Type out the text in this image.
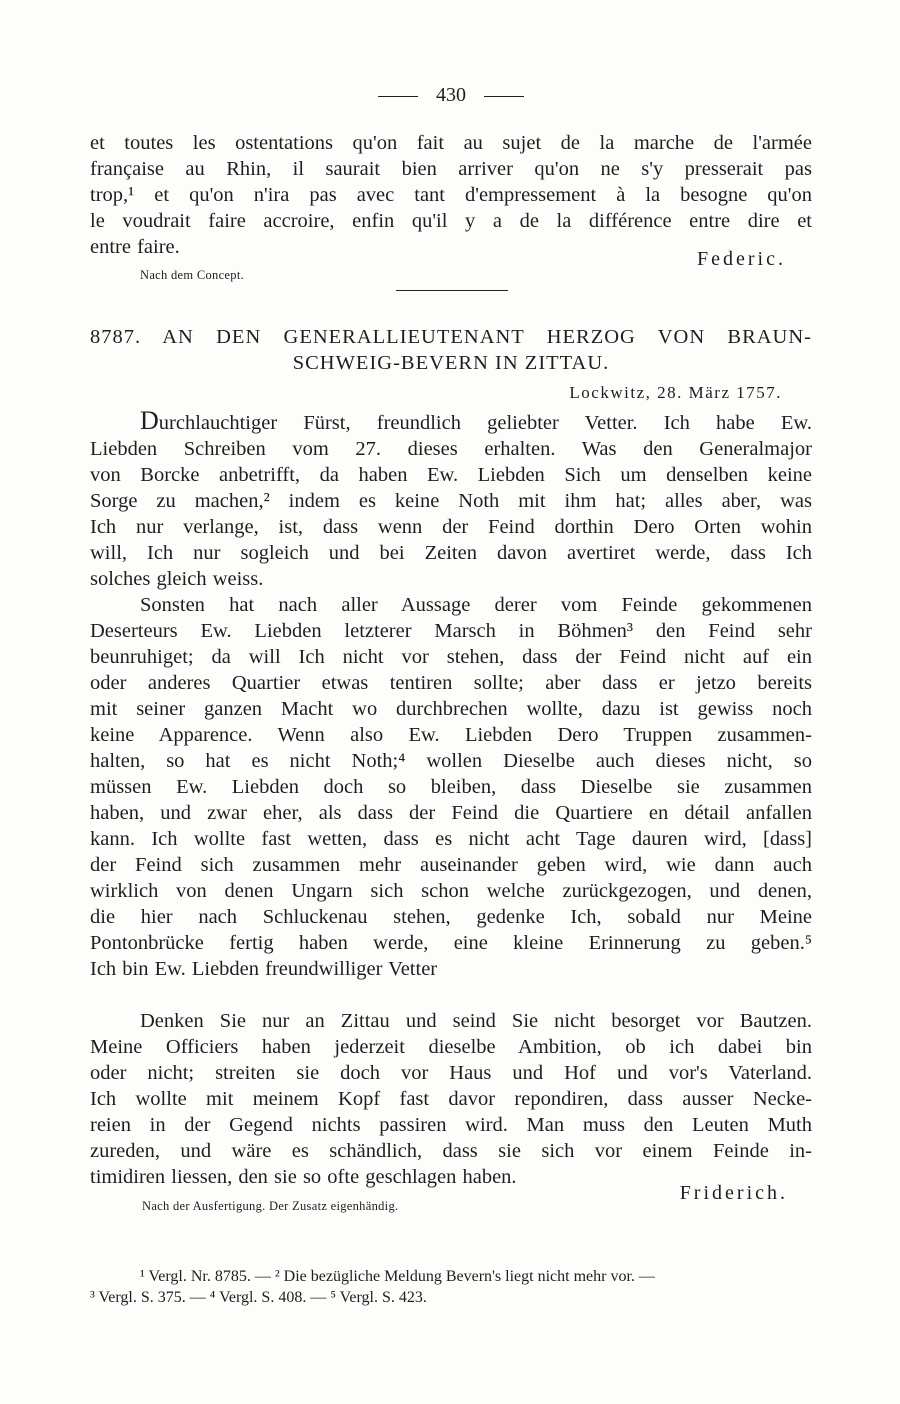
430
et toutes les ostentations qu'on fait au sujet de la marche de l'armée
française au Rhin, il saurait bien arriver qu'on ne s'y presserait pas
trop,¹ et qu'on n'ira pas avec tant d'empressement à la besogne qu'on
le voudrait faire accroire, enfin qu'il y a de la différence entre dire et
entre faire.
Federic.
Nach dem Concept.
8787. AN DEN GENERALLIEUTENANT HERZOG VON BRAUN-
SCHWEIG-BEVERN IN ZITTAU.
Lockwitz, 28. März 1757.
Durchlauchtiger Fürst, freundlich geliebter Vetter. Ich habe Ew.
Liebden Schreiben vom 27. dieses erhalten. Was den Generalmajor
von Borcke anbetrifft, da haben Ew. Liebden Sich um denselben keine
Sorge zu machen,² indem es keine Noth mit ihm hat; alles aber, was
Ich nur verlange, ist, dass wenn der Feind dorthin Dero Orten wohin
will, Ich nur sogleich und bei Zeiten davon avertiret werde, dass Ich
solches gleich weiss.
Sonsten hat nach aller Aussage derer vom Feinde gekommenen
Deserteurs Ew. Liebden letzterer Marsch in Böhmen³ den Feind sehr
beunruhiget; da will Ich nicht vor stehen, dass der Feind nicht auf ein
oder anderes Quartier etwas tentiren sollte; aber dass er jetzo bereits
mit seiner ganzen Macht wo durchbrechen wollte, dazu ist gewiss noch
keine Apparence. Wenn also Ew. Liebden Dero Truppen zusammen-
halten, so hat es nicht Noth;⁴ wollen Dieselbe auch dieses nicht, so
müssen Ew. Liebden doch so bleiben, dass Dieselbe sie zusammen
haben, und zwar eher, als dass der Feind die Quartiere en détail anfallen
kann. Ich wollte fast wetten, dass es nicht acht Tage dauren wird, [dass]
der Feind sich zusammen mehr auseinander geben wird, wie dann auch
wirklich von denen Ungarn sich schon welche zurückgezogen, und denen,
die hier nach Schluckenau stehen, gedenke Ich, sobald nur Meine
Pontonbrücke fertig haben werde, eine kleine Erinnerung zu geben.⁵
Ich bin Ew. Liebden freundwilliger Vetter
Denken Sie nur an Zittau und seind Sie nicht besorget vor Bautzen.
Meine Officiers haben jederzeit dieselbe Ambition, ob ich dabei bin
oder nicht; streiten sie doch vor Haus und Hof und vor's Vaterland.
Ich wollte mit meinem Kopf fast davor repondiren, dass ausser Necke-
reien in der Gegend nichts passiren wird. Man muss den Leuten Muth
zureden, und wäre es schändlich, dass sie sich vor einem Feinde in-
timidiren liessen, den sie so ofte geschlagen haben.
Friderich.
Nach der Ausfertigung. Der Zusatz eigenhändig.
¹ Vergl. Nr. 8785. — ² Die bezügliche Meldung Bevern's liegt nicht mehr vor. —
³ Vergl. S. 375. — ⁴ Vergl. S. 408. — ⁵ Vergl. S. 423.
